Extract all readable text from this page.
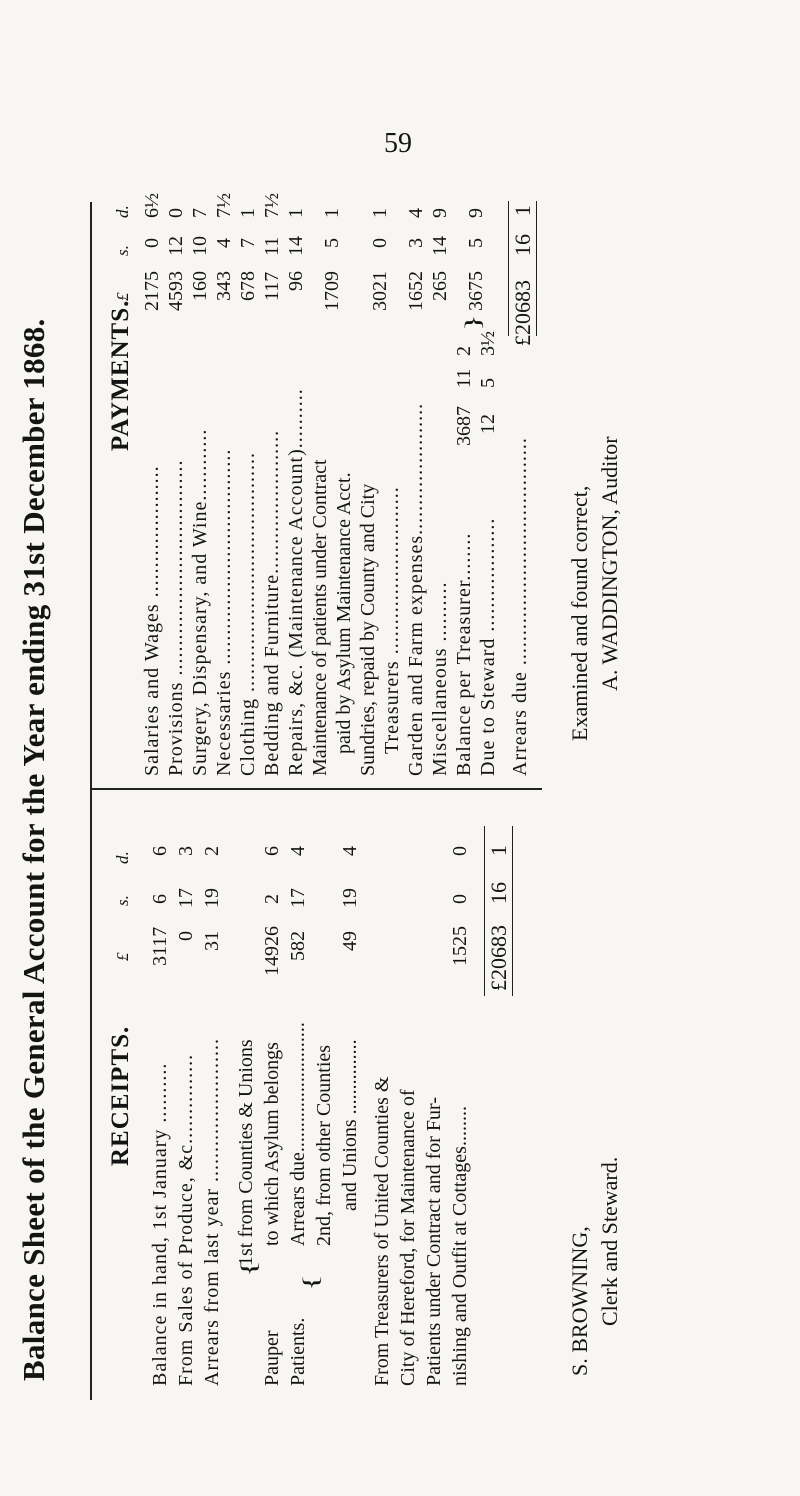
59
Balance Sheet of the General Account for the Year ending 31st December 1868. RECEIPTS.
£
s.
d.
Balance in hand, 1st January .......... From Sales of Produce, &c............... Arrears from last year ........................ 1st from Counties & Unions to which Asylum belongs Arrears due.......................... 2nd, from other Counties and Unions ............... From Treasurers of United Counties & City of Hereford, for Maintenance of Patients under Contract and for Fur- nishing and Outfit at Cottages........
Pauper Patients.
{
{
3117
6
6
0
17
3
31
19
2
14926
2
6
582
17
4
49
19
4
1525
0
0
£20683
16
1
PAYMENTS.
£
s.
d.
Salaries and Wages ...................... Provisions .................................... Surgery, Dispensary, and Wine............ Necessaries .................................... Clothing ........................................ Bedding and Furniture........................ Repairs, &c. (Maintenance Account).......... Maintenance of patients under Contract paid by Asylum Maintenance Acct. Sundries, repaid by County and City Treasurers ............................ Garden and Farm expenses...................... Miscellaneous .......... Balance per Treasurer........ Due to Steward ................... Arrears due ......................................
2175
0
6½
4593
12
0
160
10
7
343
4
7½
678
7
1
117
11
7½
96
14
1
1709
5
1
3021
0
1
1652
3
4
265
14
9
3687
11
2
12
5
3½
}
3675
5
9
£20683
16
1
S. BROWNING, Clerk and Steward.
Examined and found correct, A. WADDINGTON, Auditor
